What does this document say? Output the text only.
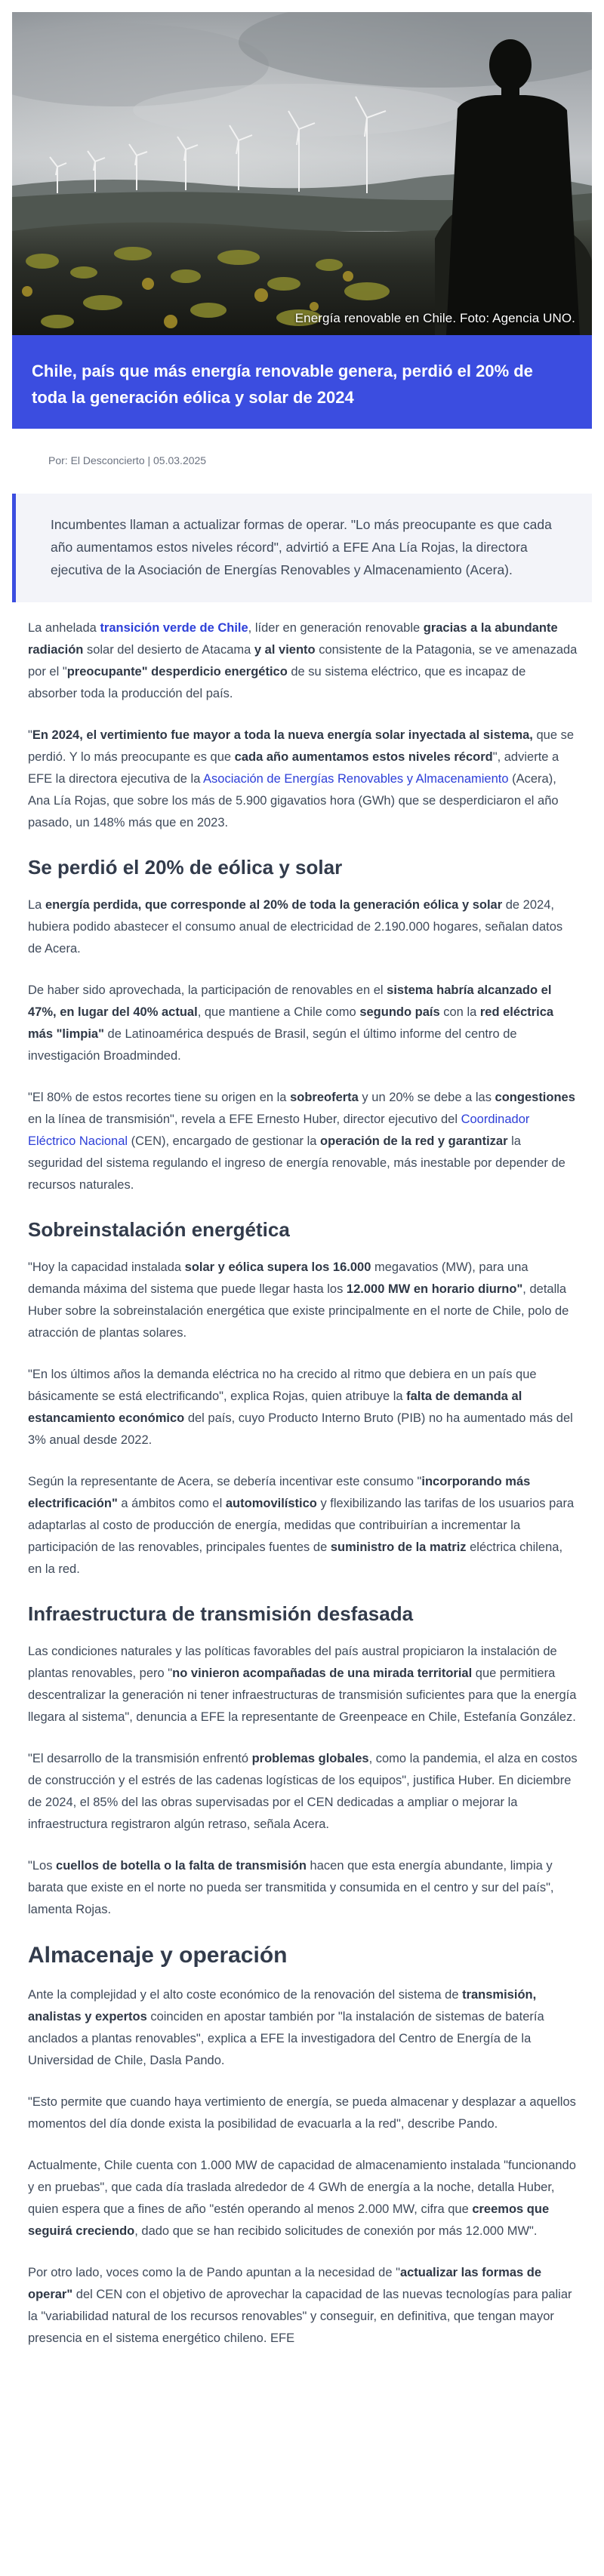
Energía renovable en Chile. Foto: Agencia UNO.
Chile, país que más energía renovable genera, perdió el 20% de toda la generación eólica y solar de 2024
Por: El Desconcierto | 05.03.2025
Incumbentes llaman a actualizar formas de operar. "Lo más preocupante es que cada año aumentamos estos niveles récord", advirtió a EFE Ana Lía Rojas, la directora ejecutiva de la Asociación de Energías Renovables y Almacenamiento (Acera).

La anhelada transición verde de Chile, líder en generación renovable gracias a la abundante radiación solar del desierto de Atacama y al viento consistente de la Patagonia, se ve amenazada por el "preocupante" desperdicio energético de su sistema eléctrico, que es incapaz de absorber toda la producción del país.

"En 2024, el vertimiento fue mayor a toda la nueva energía solar inyectada al sistema, que se perdió. Y lo más preocupante es que cada año aumentamos estos niveles récord", advierte a EFE la directora ejecutiva de la Asociación de Energías Renovables y Almacenamiento (Acera), Ana Lía Rojas, que sobre los más de 5.900 gigavatios hora (GWh) que se desperdiciaron el año pasado, un 148% más que en 2023.

Se perdió el 20% de eólica y solar

La energía perdida, que corresponde al 20% de toda la generación eólica y solar de 2024, hubiera podido abastecer el consumo anual de electricidad de 2.190.000 hogares, señalan datos de Acera.

De haber sido aprovechada, la participación de renovables en el sistema habría alcanzado el 47%, en lugar del 40% actual, que mantiene a Chile como segundo país con la red eléctrica más "limpia" de Latinoamérica después de Brasil, según el último informe del centro de investigación Broadminded.

"El 80% de estos recortes tiene su origen en la sobreoferta y un 20% se debe a las congestiones en la línea de transmisión", revela a EFE Ernesto Huber, director ejecutivo del Coordinador Eléctrico Nacional (CEN), encargado de gestionar la operación de la red y garantizar la seguridad del sistema regulando el ingreso de energía renovable, más inestable por depender de recursos naturales.

Sobreinstalación energética

"Hoy la capacidad instalada solar y eólica supera los 16.000 megavatios (MW), para una demanda máxima del sistema que puede llegar hasta los 12.000 MW en horario diurno", detalla Huber sobre la sobreinstalación energética que existe principalmente en el norte de Chile, polo de atracción de plantas solares.

"En los últimos años la demanda eléctrica no ha crecido al ritmo que debiera en un país que básicamente se está electrificando", explica Rojas, quien atribuye la falta de demanda al estancamiento económico del país, cuyo Producto Interno Bruto (PIB) no ha aumentado más del 3% anual desde 2022.

Según la representante de Acera, se debería incentivar este consumo "incorporando más electrificación" a ámbitos como el automovilístico y flexibilizando las tarifas de los usuarios para adaptarlas al costo de producción de energía, medidas que contribuirían a incrementar la participación de las renovables, principales fuentes de suministro de la matriz eléctrica chilena, en la red.

Infraestructura de transmisión desfasada

Las condiciones naturales y las políticas favorables del país austral propiciaron la instalación de plantas renovables, pero "no vinieron acompañadas de una mirada territorial que permitiera descentralizar la generación ni tener infraestructuras de transmisión suficientes para que la energía llegara al sistema", denuncia a EFE la representante de Greenpeace en Chile, Estefanía González.

"El desarrollo de la transmisión enfrentó problemas globales, como la pandemia, el alza en costos de construcción y el estrés de las cadenas logísticas de los equipos", justifica Huber. En diciembre de 2024, el 85% del las obras supervisadas por el CEN dedicadas a ampliar o mejorar la infraestructura registraron algún retraso, señala Acera.

"Los cuellos de botella o la falta de transmisión hacen que esta energía abundante, limpia y barata que existe en el norte no pueda ser transmitida y consumida en el centro y sur del país", lamenta Rojas.

Almacenaje y operación

Ante la complejidad y el alto coste económico de la renovación del sistema de transmisión, analistas y expertos coinciden en apostar también por "la instalación de sistemas de batería anclados a plantas renovables", explica a EFE la investigadora del Centro de Energía de la Universidad de Chile, Dasla Pando.

"Esto permite que cuando haya vertimiento de energía, se pueda almacenar y desplazar a aquellos momentos del día donde exista la posibilidad de evacuarla a la red", describe Pando.

Actualmente, Chile cuenta con 1.000 MW de capacidad de almacenamiento instalada "funcionando y en pruebas", que cada día traslada alrededor de 4 GWh de energía a la noche, detalla Huber, quien espera que a fines de año "estén operando al menos 2.000 MW, cifra que creemos que seguirá creciendo, dado que se han recibido solicitudes de conexión por más 12.000 MW".

Por otro lado, voces como la de Pando apuntan a la necesidad de "actualizar las formas de operar" del CEN con el objetivo de aprovechar la capacidad de las nuevas tecnologías para paliar la "variabilidad natural de los recursos renovables" y conseguir, en definitiva, que tengan mayor presencia en el sistema energético chileno. EFE
